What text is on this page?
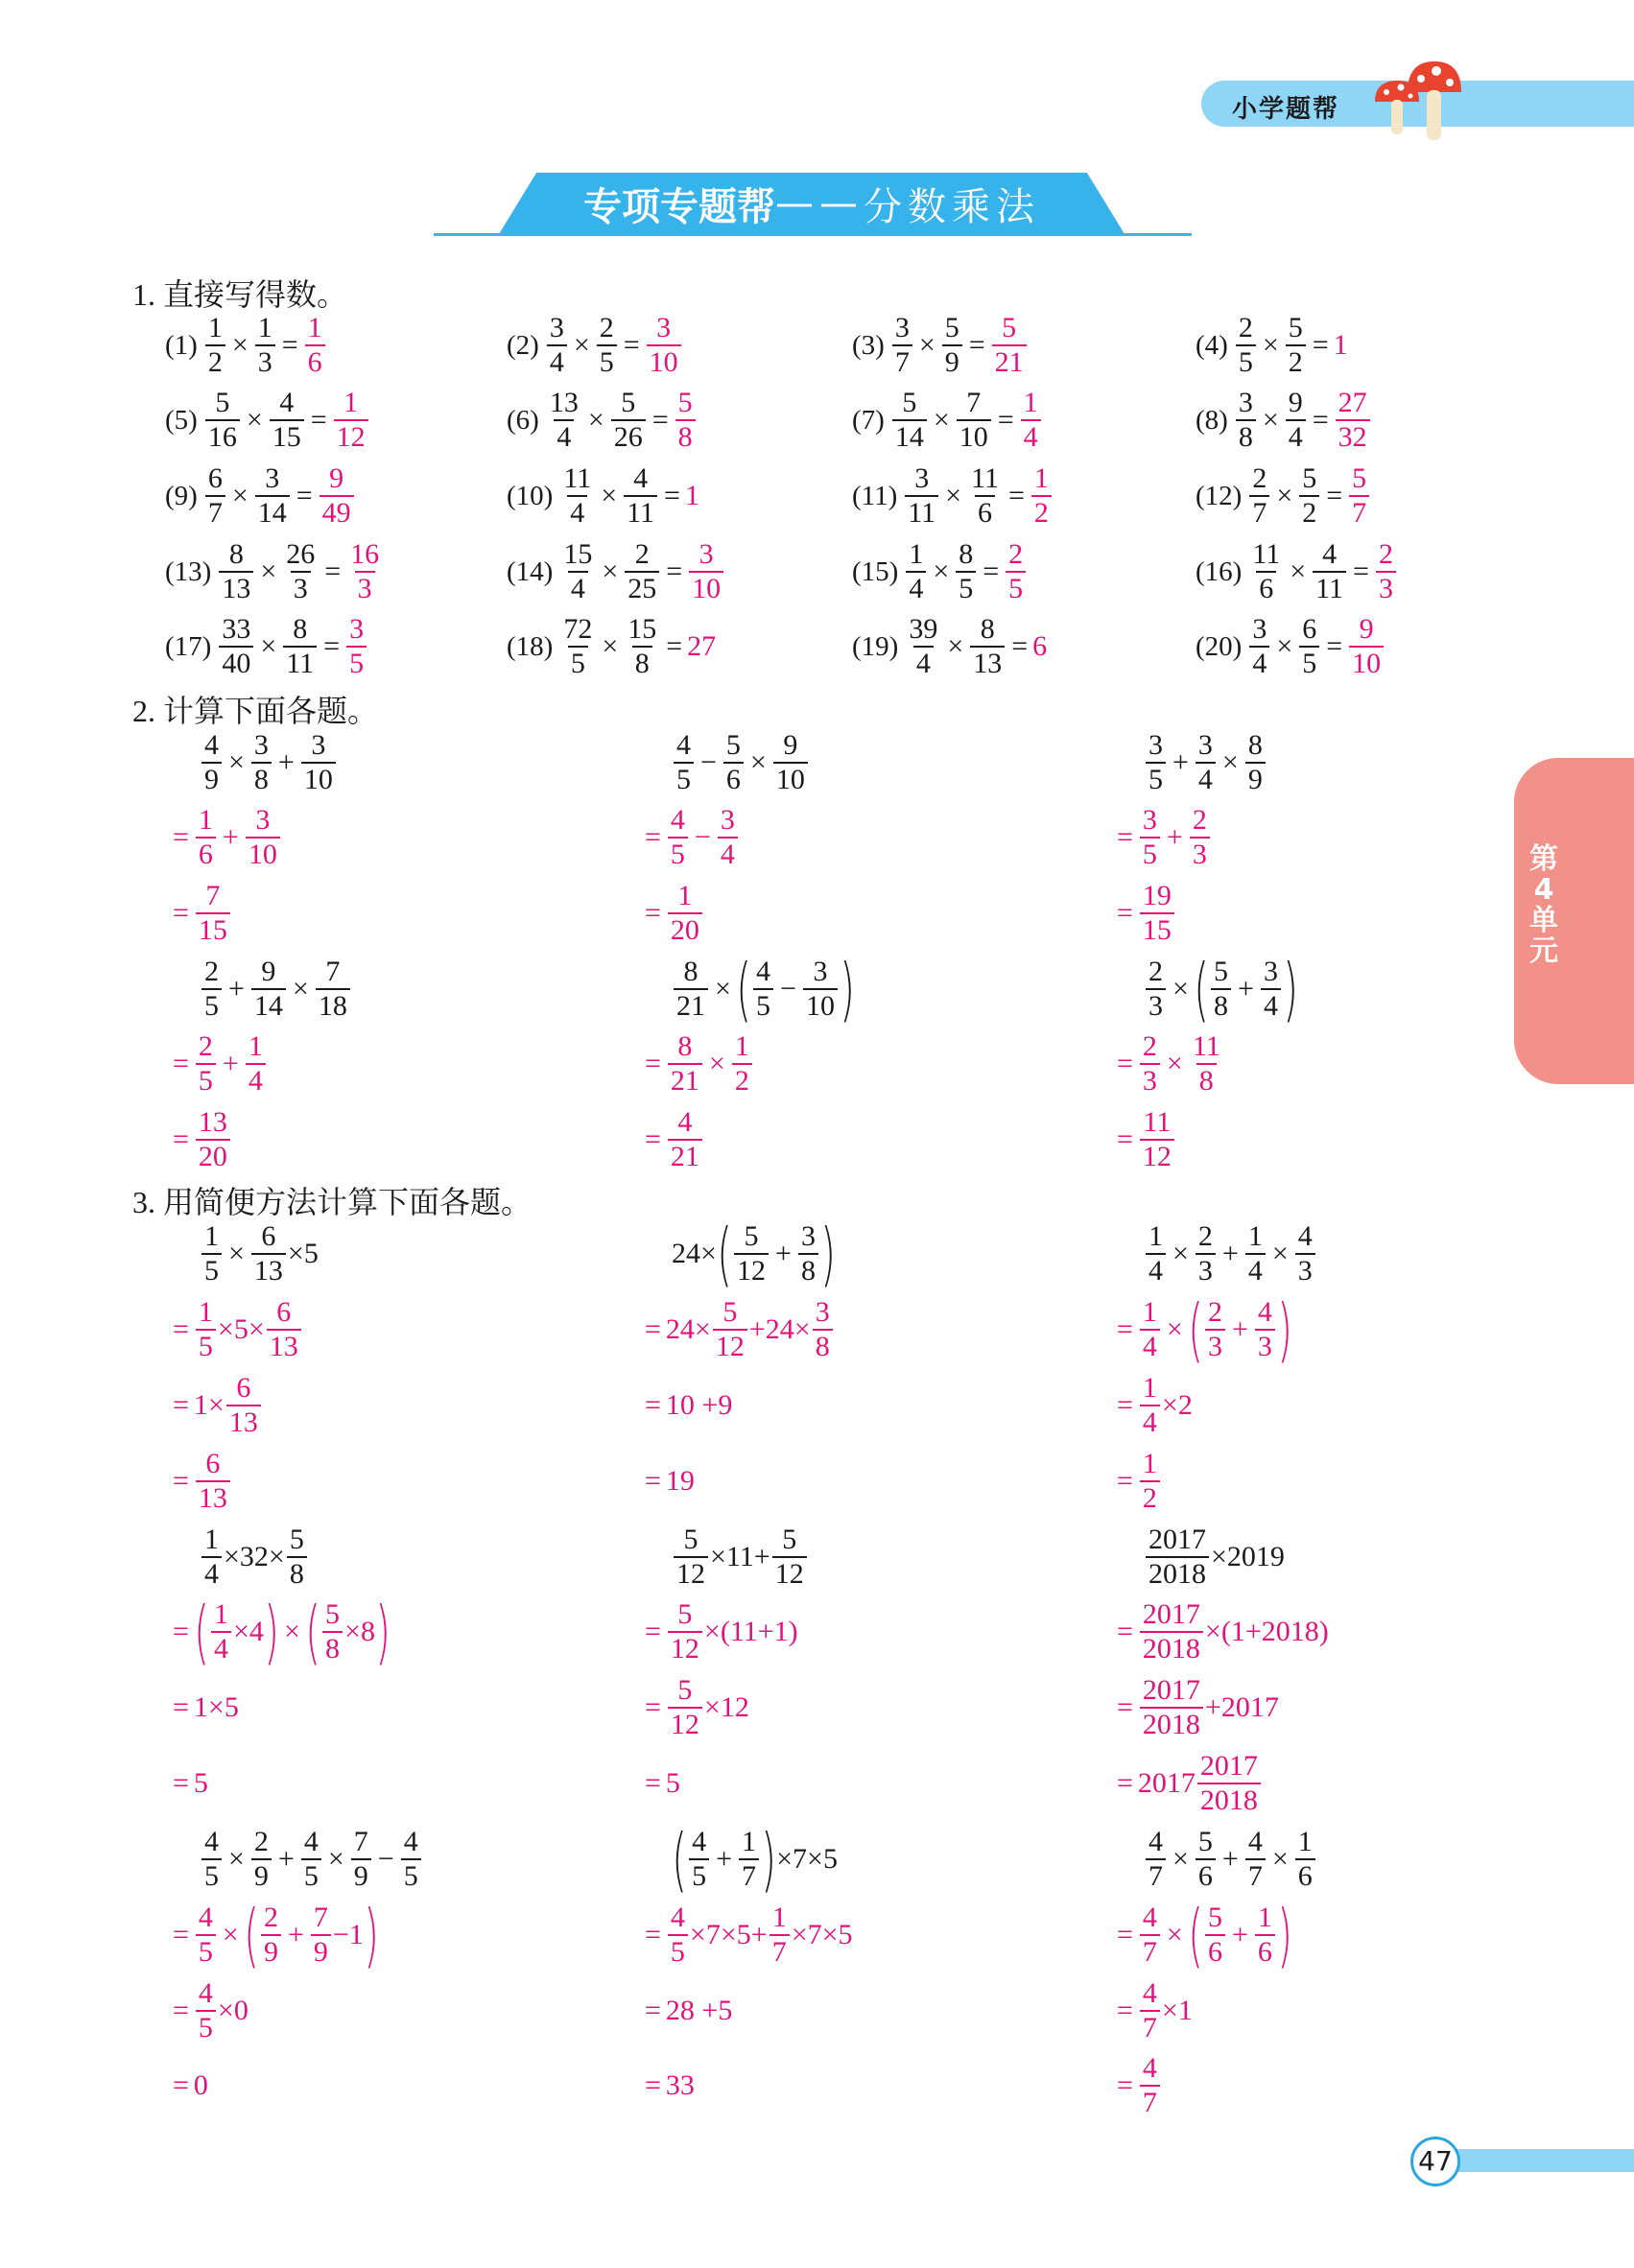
小学题帮
专项专题帮 —— 分数乘法
第
4
单
元
1. 直接写得数。
2. 计算下面各题。
3. 用简便方法计算下面各题。
$(1) \frac{1}{2} \times \frac{1}{3} = \frac{1}{6}$	$(2) \frac{3}{4} \times \frac{2}{5} = \frac{3}{10}$	$(3) \frac{3}{7} \times \frac{5}{9} = \frac{5}{21}$	$(4) \frac{2}{5} \times \frac{5}{2} = 1$
$(5) \frac{5}{16} \times \frac{4}{15} = \frac{1}{12}$	$(6) \frac{13}{4} \times \frac{5}{26} = \frac{5}{8}$	$(7) \frac{5}{14} \times \frac{7}{10} = \frac{1}{4}$	$(8) \frac{3}{8} \times \frac{9}{4} = \frac{27}{32}$
$(9) \frac{6}{7} \times \frac{3}{14} = \frac{9}{49}$	$(10) \frac{11}{4} \times \frac{4}{11} = 1$	$(11) \frac{3}{11} \times \frac{11}{6} = \frac{1}{2}$	$(12) \frac{2}{7} \times \frac{5}{2} = \frac{5}{7}$
$(13) \frac{8}{13} \times \frac{26}{3} = \frac{16}{3}$	$(14) \frac{15}{4} \times \frac{2}{25} = \frac{3}{10}$	$(15) \frac{1}{4} \times \frac{8}{5} = \frac{2}{5}$	$(16) \frac{11}{6} \times \frac{4}{11} = \frac{2}{3}$
$(17) \frac{33}{40} \times \frac{8}{11} = \frac{3}{5}$	$(18) \frac{72}{5} \times \frac{15}{8} = 27$	$(19) \frac{39}{4} \times \frac{8}{13} = 6$	$(20) \frac{3}{4} \times \frac{6}{5} = \frac{9}{10}$
$\frac{4}{9} \times \frac{3}{8} + \frac{3}{10}$
= $\frac{1}{6} + \frac{3}{10}$
= $\frac{7}{15}$
$\frac{4}{5} - \frac{5}{6} \times \frac{9}{10}$
= $\frac{4}{5} - \frac{3}{4}$
= $\frac{1}{20}$
$\frac{3}{5} + \frac{3}{4} \times \frac{8}{9}$
= $\frac{3}{5} + \frac{2}{3}$
= $\frac{19}{15}$
$\frac{2}{5} + \frac{9}{14} \times \frac{7}{18}$
= $\frac{2}{5} + \frac{1}{4}$
= $\frac{13}{20}$
$\frac{8}{21}$ × ( $\frac{4}{5} - \frac{3}{10}$ )
= $\frac{8}{21} \times \frac{1}{2}$
= $\frac{4}{21}$
$\frac{2}{3}$ × ( $\frac{5}{8} + \frac{3}{4}$ )
= $\frac{2}{3} \times \frac{11}{8}$
= $\frac{11}{12}$
$\frac{1}{5} \times \frac{6}{13} \times 5$
= $\frac{1}{5} \times 5\times \frac{6}{13}$
= $1\times \frac{6}{13}$
= $\frac{6}{13}$
24× ( $\frac{5}{12} + \frac{3}{8}$ )
= $24\times \frac{5}{12} +24\times \frac{3}{8}$
= 10 +9
= 19
$\frac{1}{4} \times \frac{2}{3} + \frac{1}{4} \times \frac{4}{3}$
= $\frac{1}{4}$ × ( $\frac{2}{3} + \frac{4}{3}$ )
= $\frac{1}{4} \times 2$
= $\frac{1}{2}$
$\frac{1}{4} \times 32\times \frac{5}{8}$
= ( $\frac{1}{4} \times 4$ ) × ( $\frac{5}{8} \times 8$ )
= 1×5
= 5
$\frac{5}{12} \times 11+ \frac{5}{12}$
= $\frac{5}{12} \times(11+1)$
= $\frac{5}{12} \times 12$
= 5
$\frac{2017}{2018} \times 2019$
= $\frac{2017}{2018} \times(1+2018)$
= $\frac{2017}{2018} +2017$
= $2017 \frac{2017}{2018}$
$\frac{4}{5} \times \frac{2}{9} + \frac{4}{5} \times \frac{7}{9} - \frac{4}{5}$
= $\frac{4}{5}$ × ( $\frac{2}{9} + \frac{7}{9} -1$ )
= $\frac{4}{5} \times 0$
= 0
( $\frac{4}{5} + \frac{1}{7}$ ) ×7×5
= $\frac{4}{5} \times 7\times 5+ \frac{1}{7} \times 7\times 5$
= 28 +5
= 33
$\frac{4}{7} \times \frac{5}{6} + \frac{4}{7} \times \frac{1}{6}$
= $\frac{4}{7}$ × ( $\frac{5}{6} + \frac{1}{6}$ )
= $\frac{4}{7} \times 1$
= $\frac{4}{7}$
47
